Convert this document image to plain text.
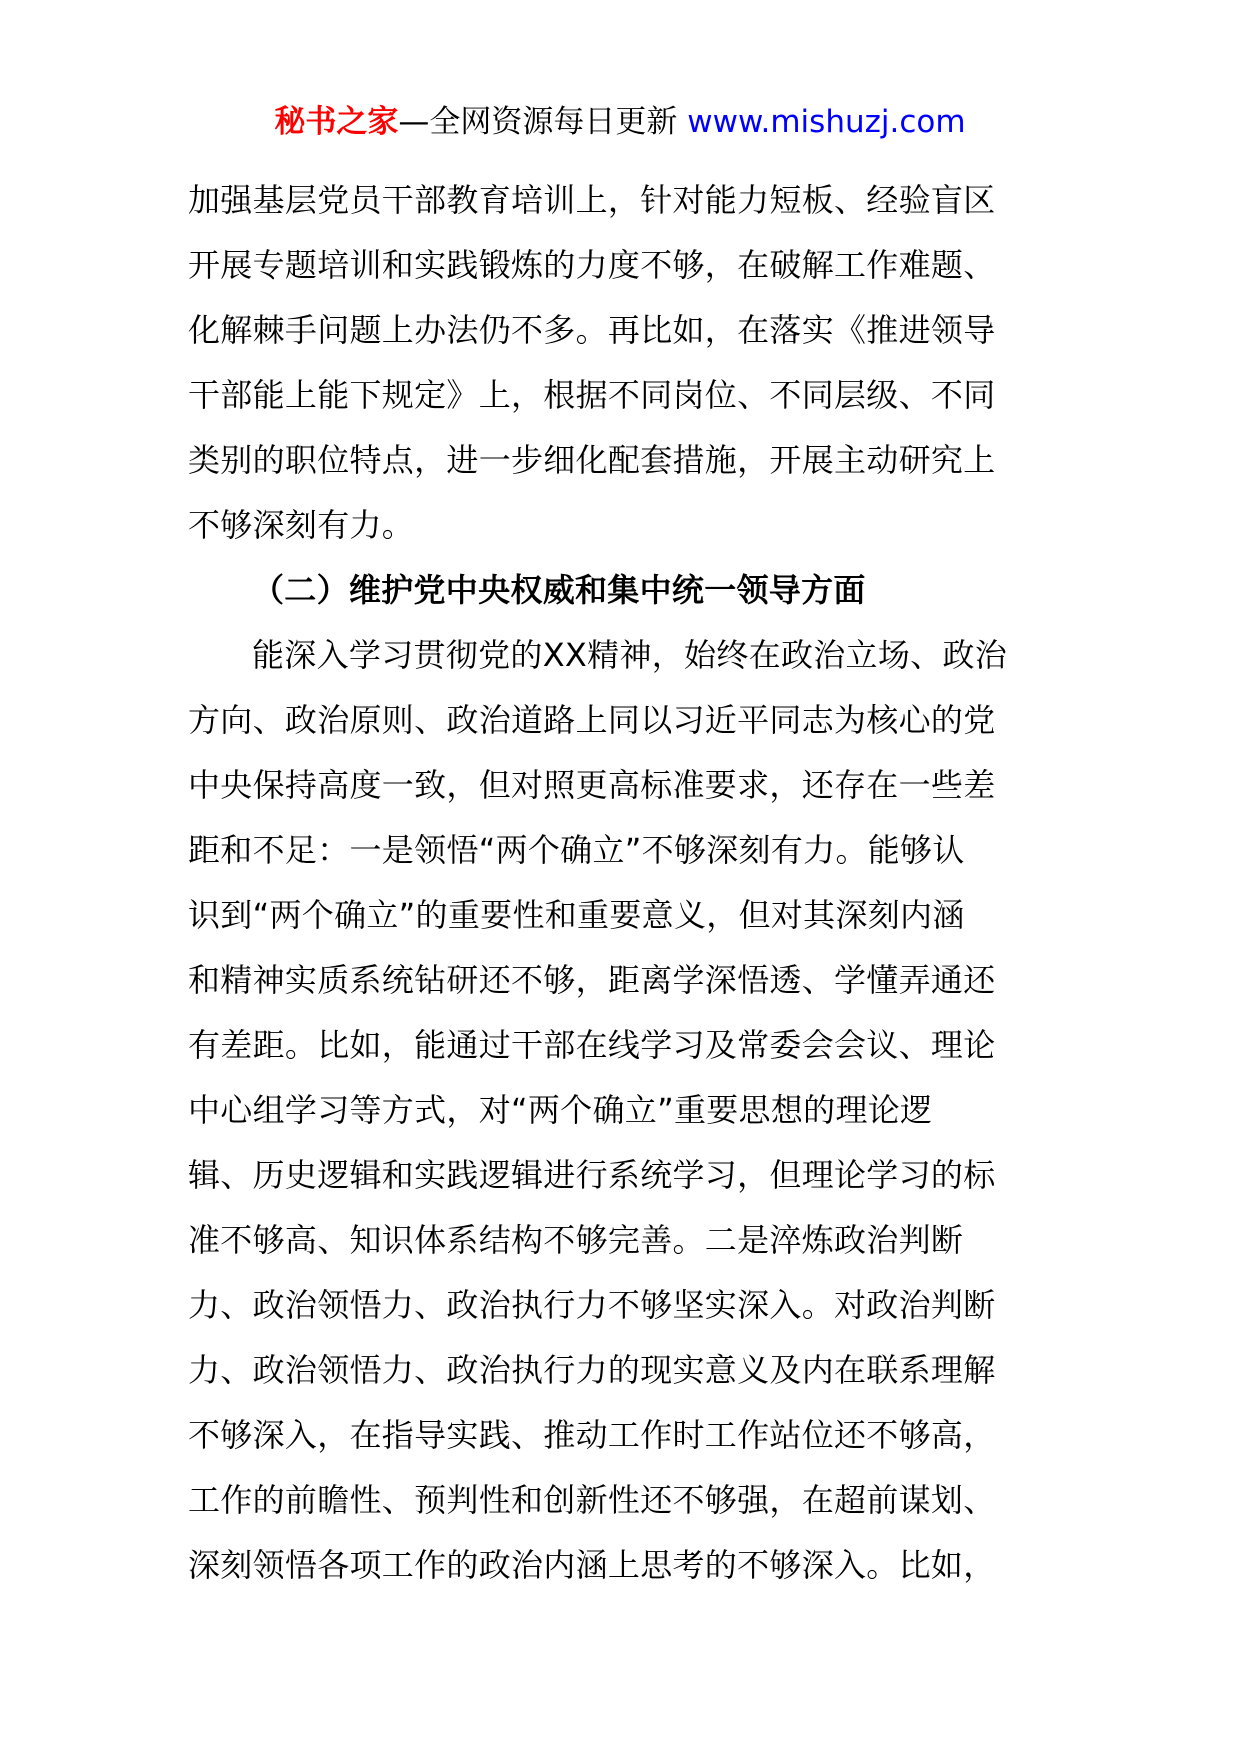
秘书之家—全网资源每日更新 www.mishuzj.com
加强基层党员干部教育培训上，针对能力短板、经验盲区
开展专题培训和实践锻炼的力度不够，在破解工作难题、
化解棘手问题上办法仍不多。再比如，在落实《推进领导
干部能上能下规定》上，根据不同岗位、不同层级、不同
类别的职位特点，进一步细化配套措施，开展主动研究上
不够深刻有力。
（二）维护党中央权威和集中统一领导方面
能深入学习贯彻党的XX精神，始终在政治立场、政治
方向、政治原则、政治道路上同以习近平同志为核心的党
中央保持高度一致，但对照更高标准要求，还存在一些差
距和不足：一是领悟“两个确立”不够深刻有力。能够认
识到“两个确立”的重要性和重要意义，但对其深刻内涵
和精神实质系统钻研还不够，距离学深悟透、学懂弄通还
有差距。比如，能通过干部在线学习及常委会会议、理论
中心组学习等方式，对“两个确立”重要思想的理论逻
辑、历史逻辑和实践逻辑进行系统学习，但理论学习的标
准不够高、知识体系结构不够完善。二是淬炼政治判断
力、政治领悟力、政治执行力不够坚实深入。对政治判断
力、政治领悟力、政治执行力的现实意义及内在联系理解
不够深入，在指导实践、推动工作时工作站位还不够高，
工作的前瞻性、预判性和创新性还不够强，在超前谋划、
深刻领悟各项工作的政治内涵上思考的不够深入。比如，
